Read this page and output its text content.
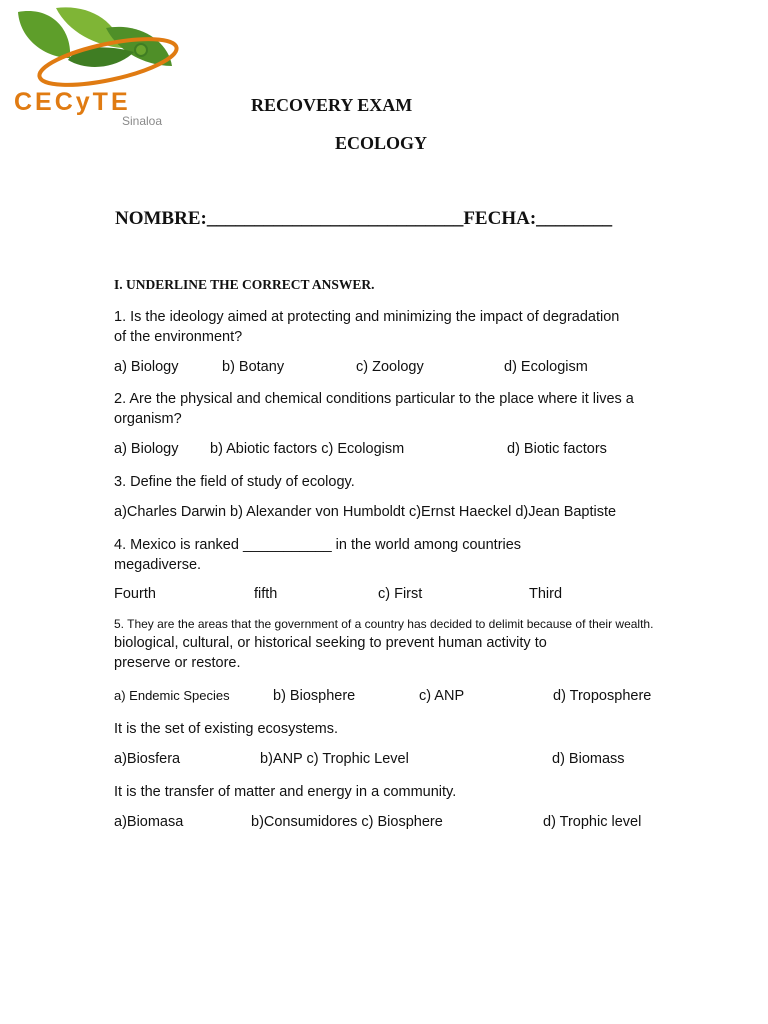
CECyTE
Sinaloa
RECOVERY EXAM
ECOLOGY
NOMBRE:___________________________FECHA:________
I. UNDERLINE THE CORRECT ANSWER.
1. Is the ideology aimed at protecting and minimizing the impact of degradation
of the environment?
a) Biology	b) Botany	c) Zoology	d) Ecologism
2. Are the physical and chemical conditions particular to the place where it lives a
organism?
a) Biology b) Abiotic factors c) Ecologism	d) Biotic factors
3. Define the field of study of ecology.
a)Charles Darwin b) Alexander von Humboldt c)Ernst Haeckel d)Jean Baptiste
4. Mexico is ranked ___________ in the world among countries
megadiverse.
Fourth	fifth	c) First	Third
5. They are the areas that the government of a country has decided to delimit because of their wealth.
biological, cultural, or historical seeking to prevent human activity to
preserve or restore.
a) Endemic Species	b) Biosphere	c) ANP	d) Troposphere
It is the set of existing ecosystems.
a)Biosfera	b)ANP c) Trophic Level	d) Biomass
It is the transfer of matter and energy in a community.
a)Biomasa	b)Consumidores c) Biosphere	d) Trophic level
